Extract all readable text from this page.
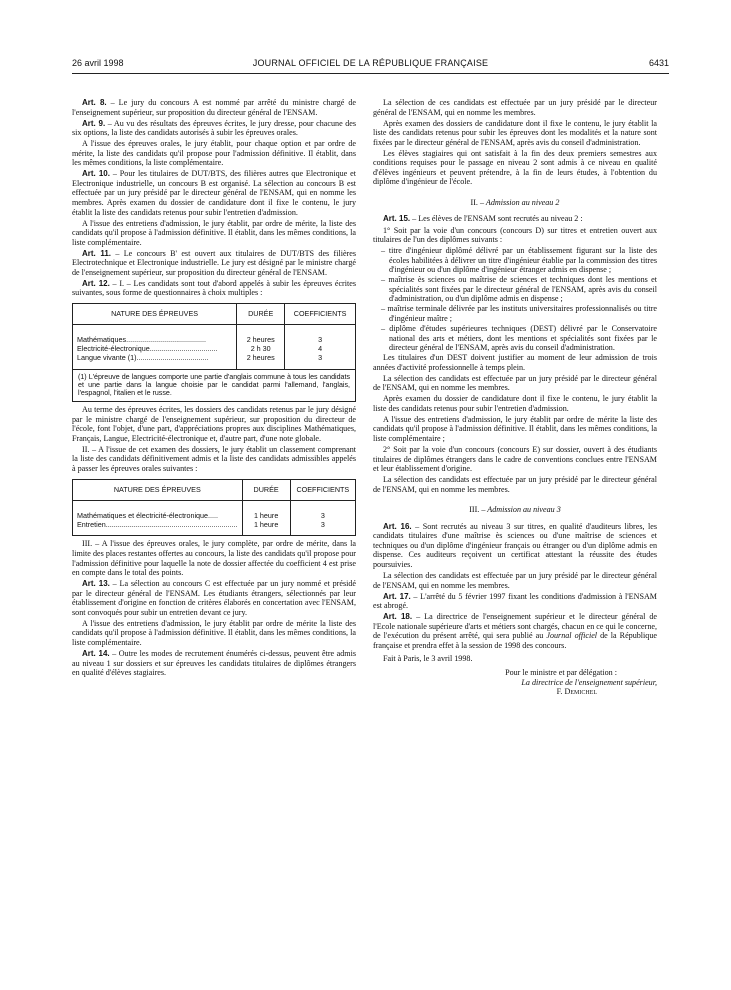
26 avril 1998	JOURNAL OFFICIEL DE LA RÉPUBLIQUE FRANÇAISE	6431

Art. 8. – Le jury du concours A est nommé par arrêté du ministre chargé de l'enseignement supérieur, sur proposition du directeur général de l'ENSAM.

Art. 9. – Au vu des résultats des épreuves écrites, le jury dresse, pour chacune des six options, la liste des candidats autorisés à subir les épreuves orales.

A l'issue des épreuves orales, le jury établit, pour chaque option et par ordre de mérite, la liste des candidats qu'il propose pour l'admission définitive. Il établit, dans les mêmes conditions, la liste complémentaire.

Art. 10. – Pour les titulaires de DUT/BTS, des filières autres que Electronique et Electronique industrielle, un concours B est organisé. La sélection au concours B est effectuée par un jury présidé par le directeur général de l'ENSAM, qui en nomme les membres. Après examen du dossier de candidature dont il fixe le contenu, le jury établit la liste des candidats retenus pour subir l'entretien d'admission.

A l'issue des entretiens d'admission, le jury établit, par ordre de mérite, la liste des candidats qu'il propose à l'admission définitive. Il établit, dans les mêmes conditions, la liste complémentaire.

Art. 11. – Le concours B' est ouvert aux titulaires de DUT/BTS des filières Electrotechnique et Electronique industrielle. Le jury est désigné par le ministre chargé de l'enseignement supérieur, sur proposition du directeur général de l'ENSAM.

Art. 12. – I. – Les candidats sont tout d'abord appelés à subir les épreuves écrites suivantes, sous forme de questionnaires à choix multiples :

NATURE DES ÉPREUVES	DURÉE	COEFFICIENTS
Mathématiques........................................	2 heures	3
Electricité-électronique..................................	2 h 30	4
Langue vivante (1)....................................	2 heures	3
(1) L'épreuve de langues comporte une partie d'anglais commune à tous les candidats et une partie dans la langue choisie par le candidat parmi l'allemand, l'anglais, l'espagnol, l'italien et le russe.		

Au terme des épreuves écrites, les dossiers des candidats retenus par le jury désigné par le ministre chargé de l'enseignement supérieur, sur proposition du directeur de l'école, font l'objet, d'une part, d'appréciations propres aux disciplines Mathématiques, Français, Langue, Electricité-électronique et, d'autre part, d'une note globale.

II. – A l'issue de cet examen des dossiers, le jury établit un classement comprenant la liste des candidats définitivement admis et la liste des candidats admissibles appelés à passer les épreuves orales suivantes :

NATURE DES ÉPREUVES	DURÉE	COEFFICIENTS
Mathématiques et électricité-électronique.....	1 heure	3
Entretien..................................................................	1 heure	3

III. – A l'issue des épreuves orales, le jury complète, par ordre de mérite, dans la limite des places restantes offertes au concours, la liste des candidats qu'il propose pour l'admission définitive pour laquelle la note de dossier affectée du coefficient 4 est prise en compte dans le total des points.

Art. 13. – La sélection au concours C est effectuée par un jury nommé et présidé par le directeur général de l'ENSAM. Les étudiants étrangers, sélectionnés par leur établissement d'origine en fonction de critères élaborés en concertation avec l'ENSAM, sont convoqués pour subir un entretien devant ce jury.

A l'issue des entretiens d'admission, le jury établit par ordre de mérite la liste des candidats qu'il propose à l'admission définitive. Il établit, dans les mêmes conditions, la liste complémentaire.

Art. 14. – Outre les modes de recrutement énumérés ci-dessus, peuvent être admis au niveau 1 sur dossiers et sur épreuves les candidats titulaires de diplômes étrangers en qualité d'élèves stagiaires.

La sélection de ces candidats est effectuée par un jury présidé par le directeur général de l'ENSAM, qui en nomme les membres.

Après examen des dossiers de candidature dont il fixe le contenu, le jury établit la liste des candidats retenus pour subir les épreuves dont les modalités et la nature sont fixées par le directeur général de l'ENSAM, après avis du conseil d'administration.

Les élèves stagiaires qui ont satisfait à la fin des deux premiers semestres aux conditions requises pour le passage en niveau 2 sont admis à ce niveau en qualité d'élèves ingénieurs et peuvent prétendre, à la fin de leurs études, à l'obtention du diplôme d'ingénieur de l'école.

II. – Admission au niveau 2

Art. 15. – Les élèves de l'ENSAM sont recrutés au niveau 2 :

1° Soit par la voie d'un concours (concours D) sur titres et entretien ouvert aux titulaires de l'un des diplômes suivants :

– titre d'ingénieur diplômé délivré par un établissement figurant sur la liste des écoles habilitées à délivrer un titre d'ingénieur établie par la commission des titres d'ingénieur ou d'un diplôme d'ingénieur étranger admis en dispense ;

– maîtrise ès sciences ou maîtrise de sciences et techniques dont les mentions et spécialités sont fixées par le directeur général de l'ENSAM, après avis du conseil d'administration, ou d'un diplôme admis en dispense ;

– maîtrise terminale délivrée par les instituts universitaires professionnalisés ou titre d'ingénieur maître ;

– diplôme d'études supérieures techniques (DEST) délivré par le Conservatoire national des arts et métiers, dont les mentions et spécialités sont fixées par le directeur général de l'ENSAM, après avis du conseil d'administration.

Les titulaires d'un DEST doivent justifier au moment de leur admission de trois années d'activité professionnelle à temps plein.

La sélection des candidats est effectuée par un jury présidé par le directeur général de l'ENSAM, qui en nomme les membres.

Après examen du dossier de candidature dont il fixe le contenu, le jury établit la liste des candidats retenus pour subir l'entretien d'admission.

A l'issue des entretiens d'admission, le jury établit par ordre de mérite la liste des candidats qu'il propose à l'admission définitive. Il établit, dans les mêmes conditions, la liste complémentaire ;

2° Soit par la voie d'un concours (concours E) sur dossier, ouvert à des étudiants titulaires de diplômes étrangers dans le cadre de conventions conclues entre l'ENSAM et leur établissement d'origine.

La sélection des candidats est effectuée par un jury présidé par le directeur général de l'ENSAM, qui en nomme les membres.

III. – Admission au niveau 3

Art. 16. – Sont recrutés au niveau 3 sur titres, en qualité d'auditeurs libres, les candidats titulaires d'une maîtrise ès sciences ou d'une maîtrise de sciences et techniques ou d'un diplôme d'ingénieur français ou étranger ou d'un diplôme admis en dispense. Ces auditeurs reçoivent un certificat attestant la réussite des études poursuivies.

La sélection des candidats est effectuée par un jury présidé par le directeur général de l'ENSAM, qui en nomme les membres.

Art. 17. – L'arrêté du 5 février 1997 fixant les conditions d'admission à l'ENSAM est abrogé.

Art. 18. – La directrice de l'enseignement supérieur et le directeur général de l'Ecole nationale supérieure d'arts et métiers sont chargés, chacun en ce qui le concerne, de l'exécution du présent arrêté, qui sera publié au Journal officiel de la République française et prendra effet à la session de 1998 des concours.

Fait à Paris, le 3 avril 1998.

Pour le ministre et par délégation :
La directrice de l'enseignement supérieur,
F. Demichel
